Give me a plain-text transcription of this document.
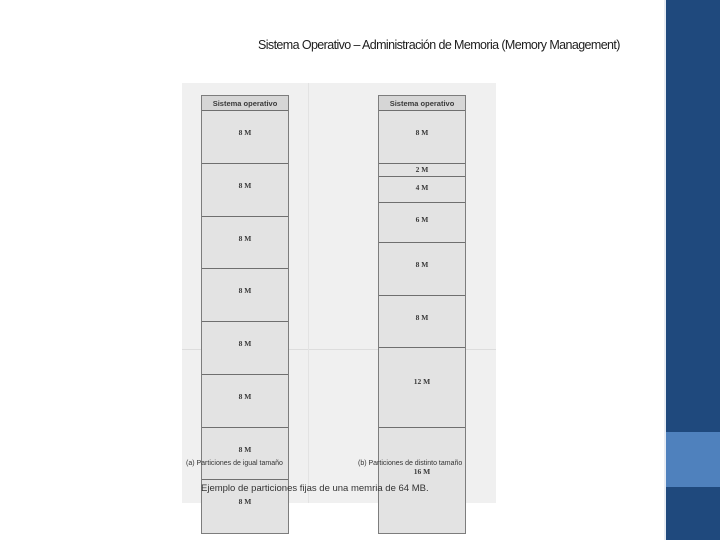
Sistema Operativo – Administración de Memoria (Memory Management)
Sistema operativo
8 M
8 M
8 M
8 M
8 M
8 M
8 M
8 M
Sistema operativo
8 M
2 M
4 M
6 M
8 M
8 M
12 M
16 M
(a) Particiones de igual tamaño	(b) Particiones de distinto tamaño
Ejemplo de particiones fijas de una memria de 64 MB.
